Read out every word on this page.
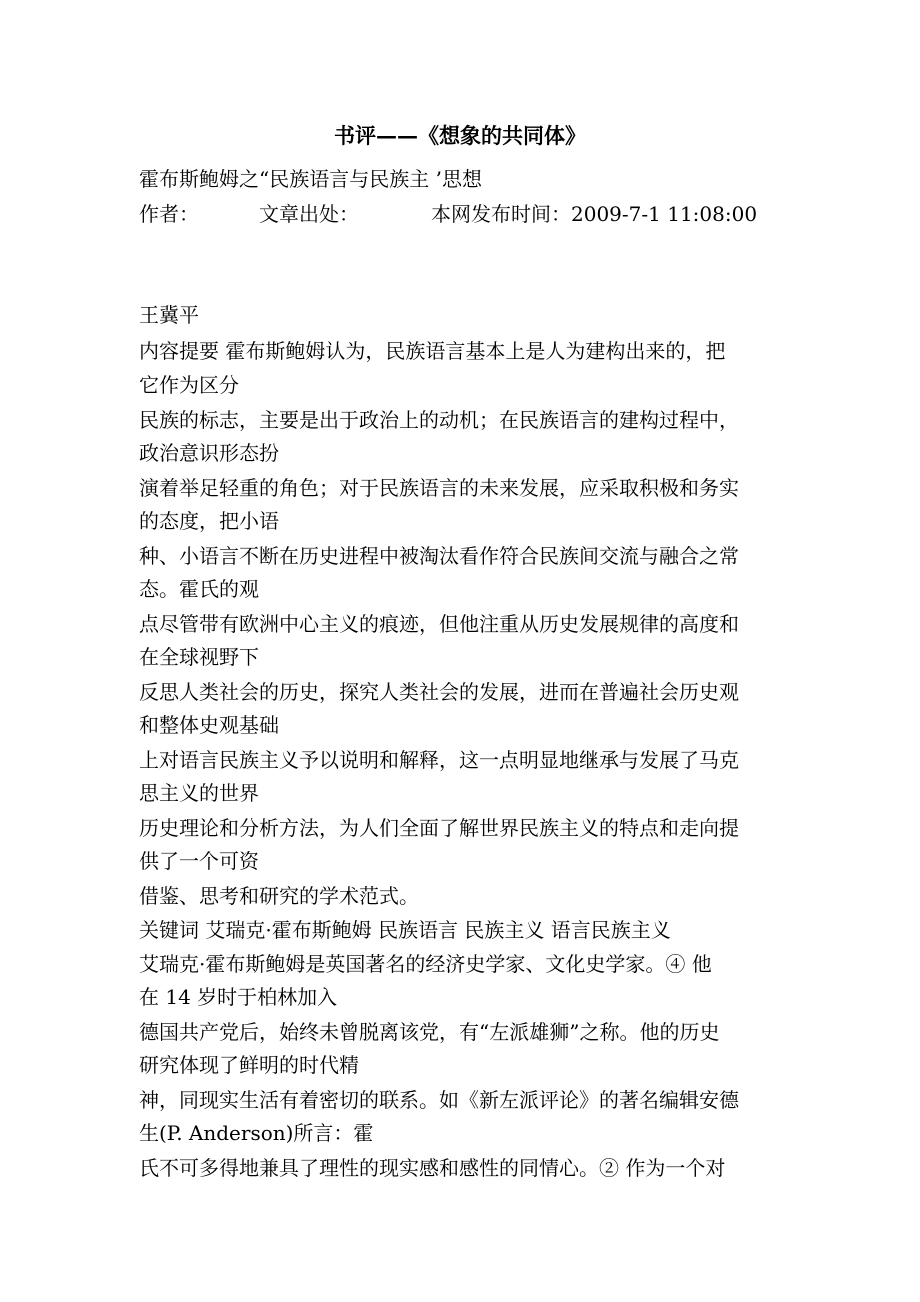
书评——《想象的共同体》
霍布斯鲍姆之“民族语言与民族主 ’思想
作者：	文章出处：	本网发布时间：2009-7-1 11:08:00
王冀平
内容提要 霍布斯鲍姆认为，民族语言基本上是人为建构出来的，把
它作为区分
民族的标志，主要是出于政治上的动机；在民族语言的建构过程中，
政治意识形态扮
演着举足轻重的角色；对于民族语言的未来发展，应采取积极和务实
的态度，把小语
种、小语言不断在历史进程中被淘汰看作符合民族间交流与融合之常
态。霍氏的观
点尽管带有欧洲中心主义的痕迹，但他注重从历史发展规律的高度和
在全球视野下
反思人类社会的历史，探究人类社会的发展，进而在普遍社会历史观
和整体史观基础
上对语言民族主义予以说明和解释，这一点明显地继承与发展了马克
思主义的世界
历史理论和分析方法，为人们全面了解世界民族主义的特点和走向提
供了一个可资
借鉴、思考和研究的学术范式。
关键词 艾瑞克·霍布斯鲍姆 民族语言 民族主义 语言民族主义
艾瑞克·霍布斯鲍姆是英国著名的经济史学家、文化史学家。④ 他
在 14 岁时于柏林加入
德国共产党后，始终未曾脱离该党，有“左派雄狮”之称。他的历史
研究体现了鲜明的时代精
神，同现实生活有着密切的联系。如《新左派评论》的著名编辑安德
生(P. Anderson)所言：霍
氏不可多得地兼具了理性的现实感和感性的同情心。② 作为一个对
